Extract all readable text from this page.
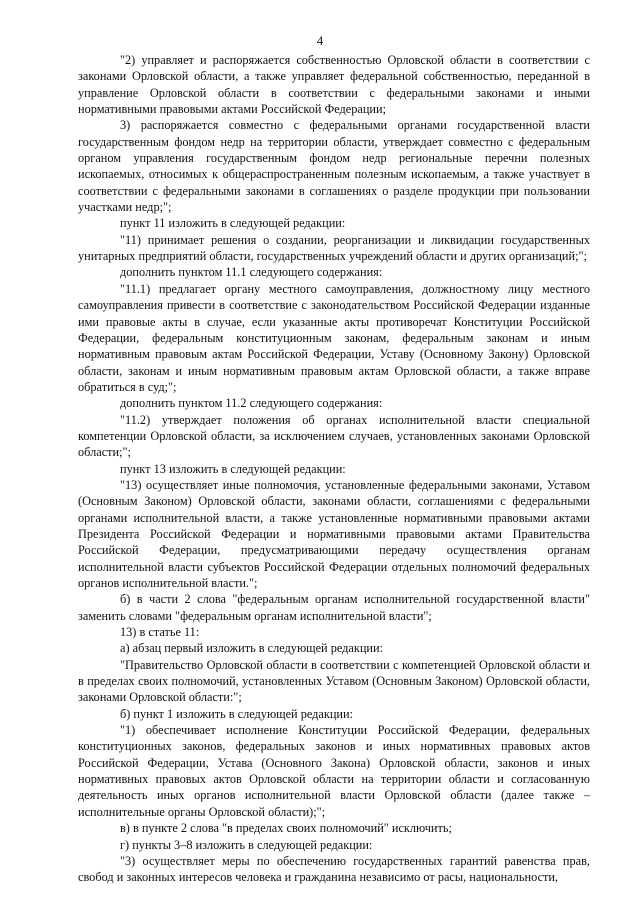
4

"2) управляет и распоряжается собственностью Орловской области в соответствии с законами Орловской области, а также управляет федеральной собственностью, переданной в управление Орловской области в соответствии с федеральными законами и иными нормативными правовыми актами Российской Федерации;

3) распоряжается совместно с федеральными органами государственной власти государственным фондом недр на территории области, утверждает совместно с федеральным органом управления государственным фондом недр региональные перечни полезных ископаемых, относимых к общераспространенным полезным ископаемым, а также участвует в соответствии с федеральными законами в соглашениях о разделе продукции при пользовании участками недр;";

пункт 11 изложить в следующей редакции:

"11) принимает решения о создании, реорганизации и ликвидации государственных унитарных предприятий области, государственных учреждений области и других организаций;";

дополнить пунктом 11.1 следующего содержания:

"11.1) предлагает органу местного самоуправления, должностному лицу местного самоуправления привести в соответствие с законодательством Российской Федерации изданные ими правовые акты в случае, если указанные акты противоречат Конституции Российской Федерации, федеральным конституционным законам, федеральным законам и иным нормативным правовым актам Российской Федерации, Уставу (Основному Закону) Орловской области, законам и иным нормативным правовым актам Орловской области, а также вправе обратиться в суд;";

дополнить пунктом 11.2 следующего содержания:

"11.2) утверждает положения об органах исполнительной власти специальной компетенции Орловской области, за исключением случаев, установленных законами Орловской области;";

пункт 13 изложить в следующей редакции:

"13) осуществляет иные полномочия, установленные федеральными законами, Уставом (Основным Законом) Орловской области, законами области, соглашениями с федеральными органами исполнительной власти, а также установленные нормативными правовыми актами Президента Российской Федерации и нормативными правовыми актами Правительства Российской Федерации, предусматривающими передачу осуществления органам исполнительной власти субъектов Российской Федерации отдельных полномочий федеральных органов исполнительной власти.";

б) в части 2 слова "федеральным органам исполнительной государственной власти" заменить словами "федеральным органам исполнительной власти";

13) в статье 11:

а) абзац первый изложить в следующей редакции:

"Правительство Орловской области в соответствии с компетенцией Орловской области и в пределах своих полномочий, установленных Уставом (Основным Законом) Орловской области, законами Орловской области:";

б) пункт 1 изложить в следующей редакции:

"1) обеспечивает исполнение Конституции Российской Федерации, федеральных конституционных законов, федеральных законов и иных нормативных правовых актов Российской Федерации, Устава (Основного Закона) Орловской области, законов и иных нормативных правовых актов Орловской области на территории области и согласованную деятельность иных органов исполнительной власти Орловской области (далее также – исполнительные органы Орловской области);";

в) в пункте 2 слова "в пределах своих полномочий" исключить;

г) пункты 3–8 изложить в следующей редакции:

"3) осуществляет меры по обеспечению государственных гарантий равенства прав, свобод и законных интересов человека и гражданина независимо от расы, национальности,
